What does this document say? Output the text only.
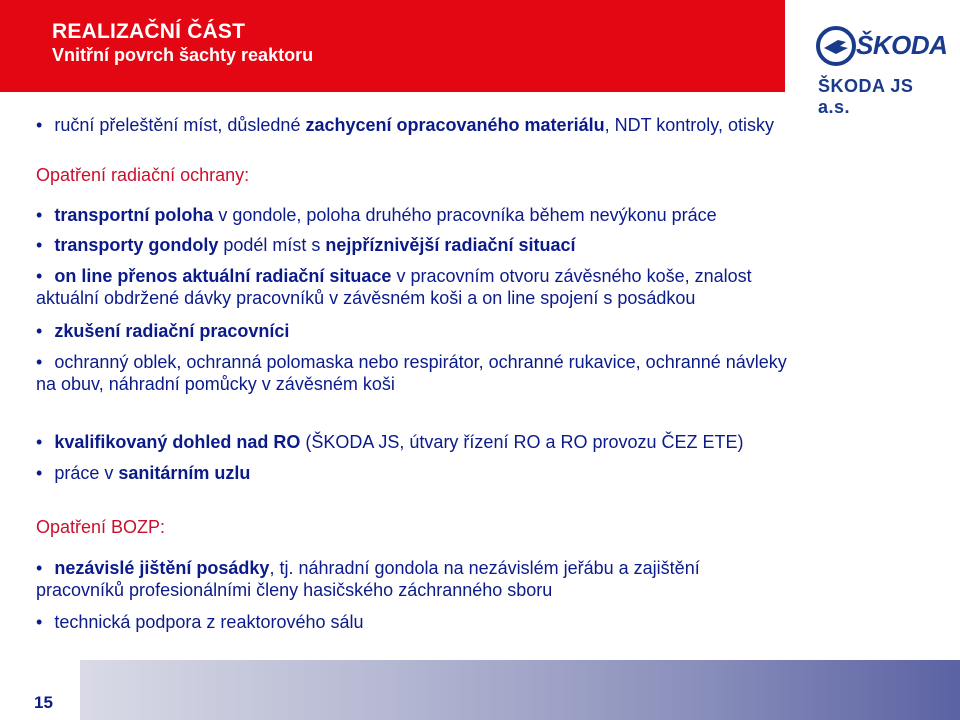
REALIZAČNÍ ČÁST
Vnitřní povrch šachty reaktoru	ŠKODA
ŠKODA JS a.s.
• ruční přeleštění míst, důsledné zachycení opracovaného materiálu, NDT kontroly, otisky
Opatření radiační ochrany:
• transportní poloha v gondole, poloha druhého pracovníka během nevýkonu práce
• transporty gondoly podél míst s nejpříznivější radiační situací
• on line přenos aktuální radiační situace v pracovním otvoru závěsného koše, znalost
aktuální obdržené dávky pracovníků v závěsném koši a on line spojení s posádkou
• zkušení radiační pracovníci
• ochranný oblek, ochranná polomaska nebo respirátor, ochranné rukavice, ochranné návleky
na obuv, náhradní pomůcky v závěsném koši
• kvalifikovaný dohled nad RO (ŠKODA JS, útvary řízení RO a RO provozu ČEZ ETE)
• práce v sanitárním uzlu
Opatření BOZP:
• nezávislé jištění posádky, tj. náhradní gondola na nezávislém jeřábu a zajištění
pracovníků profesionálními členy hasičského záchranného sboru
• technická podpora z reaktorového sálu
15
